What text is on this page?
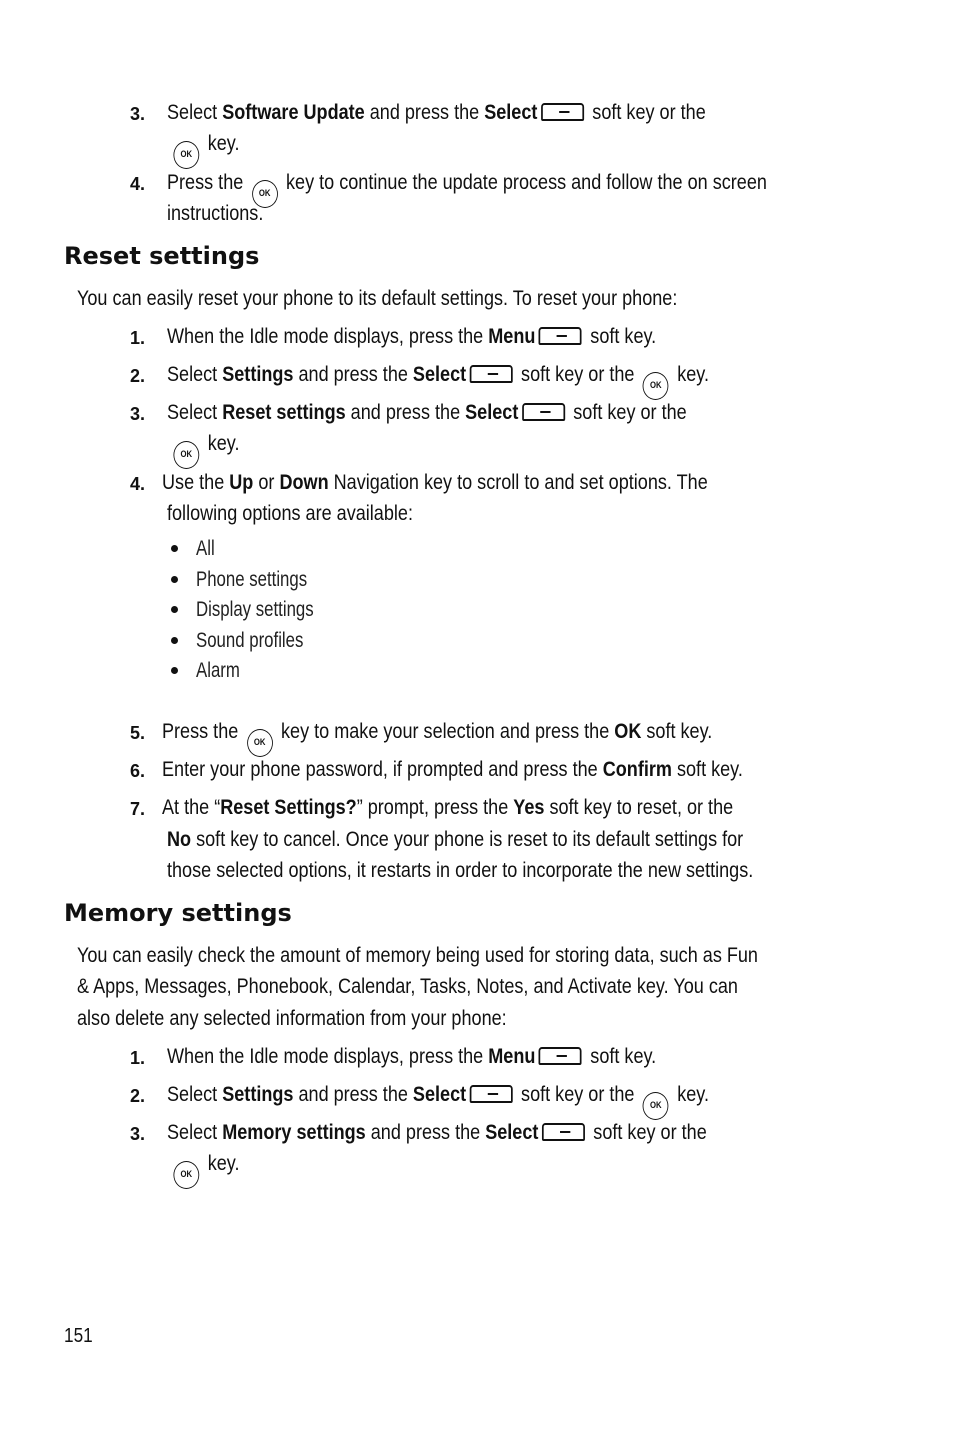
3. Select Software Update and press the Select soft key or the
OK key.
4. Press the OK key to continue the update process and follow the on screen
instructions.
Reset settings
You can easily reset your phone to its default settings. To reset your phone:
1. When the Idle mode displays, press the Menu soft key.
2. Select Settings and press the Select soft key or the OK key.
3. Select Reset settings and press the Select soft key or the
OK key.
4. Use the Up or Down Navigation key to scroll to and set options. The
following options are available:
All
Phone settings
Display settings
Sound profiles
Alarm
5. Press the OK key to make your selection and press the OK soft key.
6. Enter your phone password, if prompted and press the Confirm soft key.
7. At the “Reset Settings?” prompt, press the Yes soft key to reset, or the
No soft key to cancel. Once your phone is reset to its default settings for
those selected options, it restarts in order to incorporate the new settings.
Memory settings
You can easily check the amount of memory being used for storing data, such as Fun
& Apps, Messages, Phonebook, Calendar, Tasks, Notes, and Activate key. You can
also delete any selected information from your phone:
1. When the Idle mode displays, press the Menu soft key.
2. Select Settings and press the Select soft key or the OK key.
3. Select Memory settings and press the Select soft key or the
OK key.
151
